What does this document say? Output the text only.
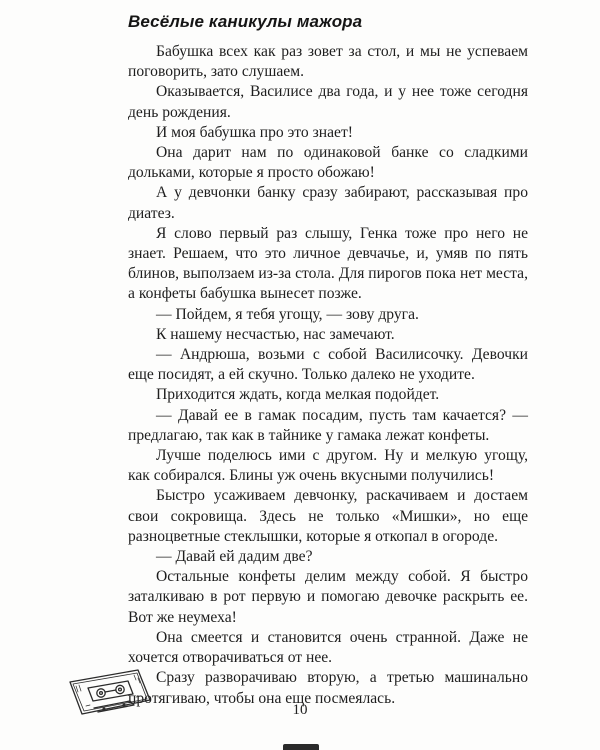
Весёлые каникулы мажора

Бабушка всех как раз зовет за стол, и мы не успеваем поговорить, зато слушаем.

Оказывается, Василисе два года, и у нее тоже сегодня день рождения.

И моя бабушка про это знает!

Она дарит нам по одинаковой банке со сладкими дольками, которые я просто обожаю!

А у девчонки банку сразу забирают, рассказывая про диатез.

Я слово первый раз слышу, Генка тоже про него не знает. Решаем, что это личное девчачье, и, умяв по пять блинов, выползаем из-за стола. Для пирогов пока нет места, а конфеты бабушка вынесет позже.

— Пойдем, я тебя угощу, — зову друга.

К нашему несчастью, нас замечают.

— Андрюша, возьми с собой Василисочку. Девочки еще посидят, а ей скучно. Только далеко не уходите.

Приходится ждать, когда мелкая подойдет.

— Давай ее в гамак посадим, пусть там качается? — предлагаю, так как в тайнике у гамака лежат конфеты.

Лучше поделюсь ими с другом. Ну и мелкую угощу, как собирался. Блины уж очень вкусными получились!

Быстро усаживаем девчонку, раскачиваем и достаем свои сокровища. Здесь не только «Мишки», но еще разноцветные стеклышки, которые я откопал в огороде.

— Давай ей дадим две?

Остальные конфеты делим между собой. Я быстро заталкиваю в рот первую и помогаю девочке раскрыть ее. Вот же неумеха!

Она смеется и становится очень странной. Даже не хочется отворачиваться от нее.

Сразу разворачиваю вторую, а третью машинально протягиваю, чтобы она еще посмеялась.

10
